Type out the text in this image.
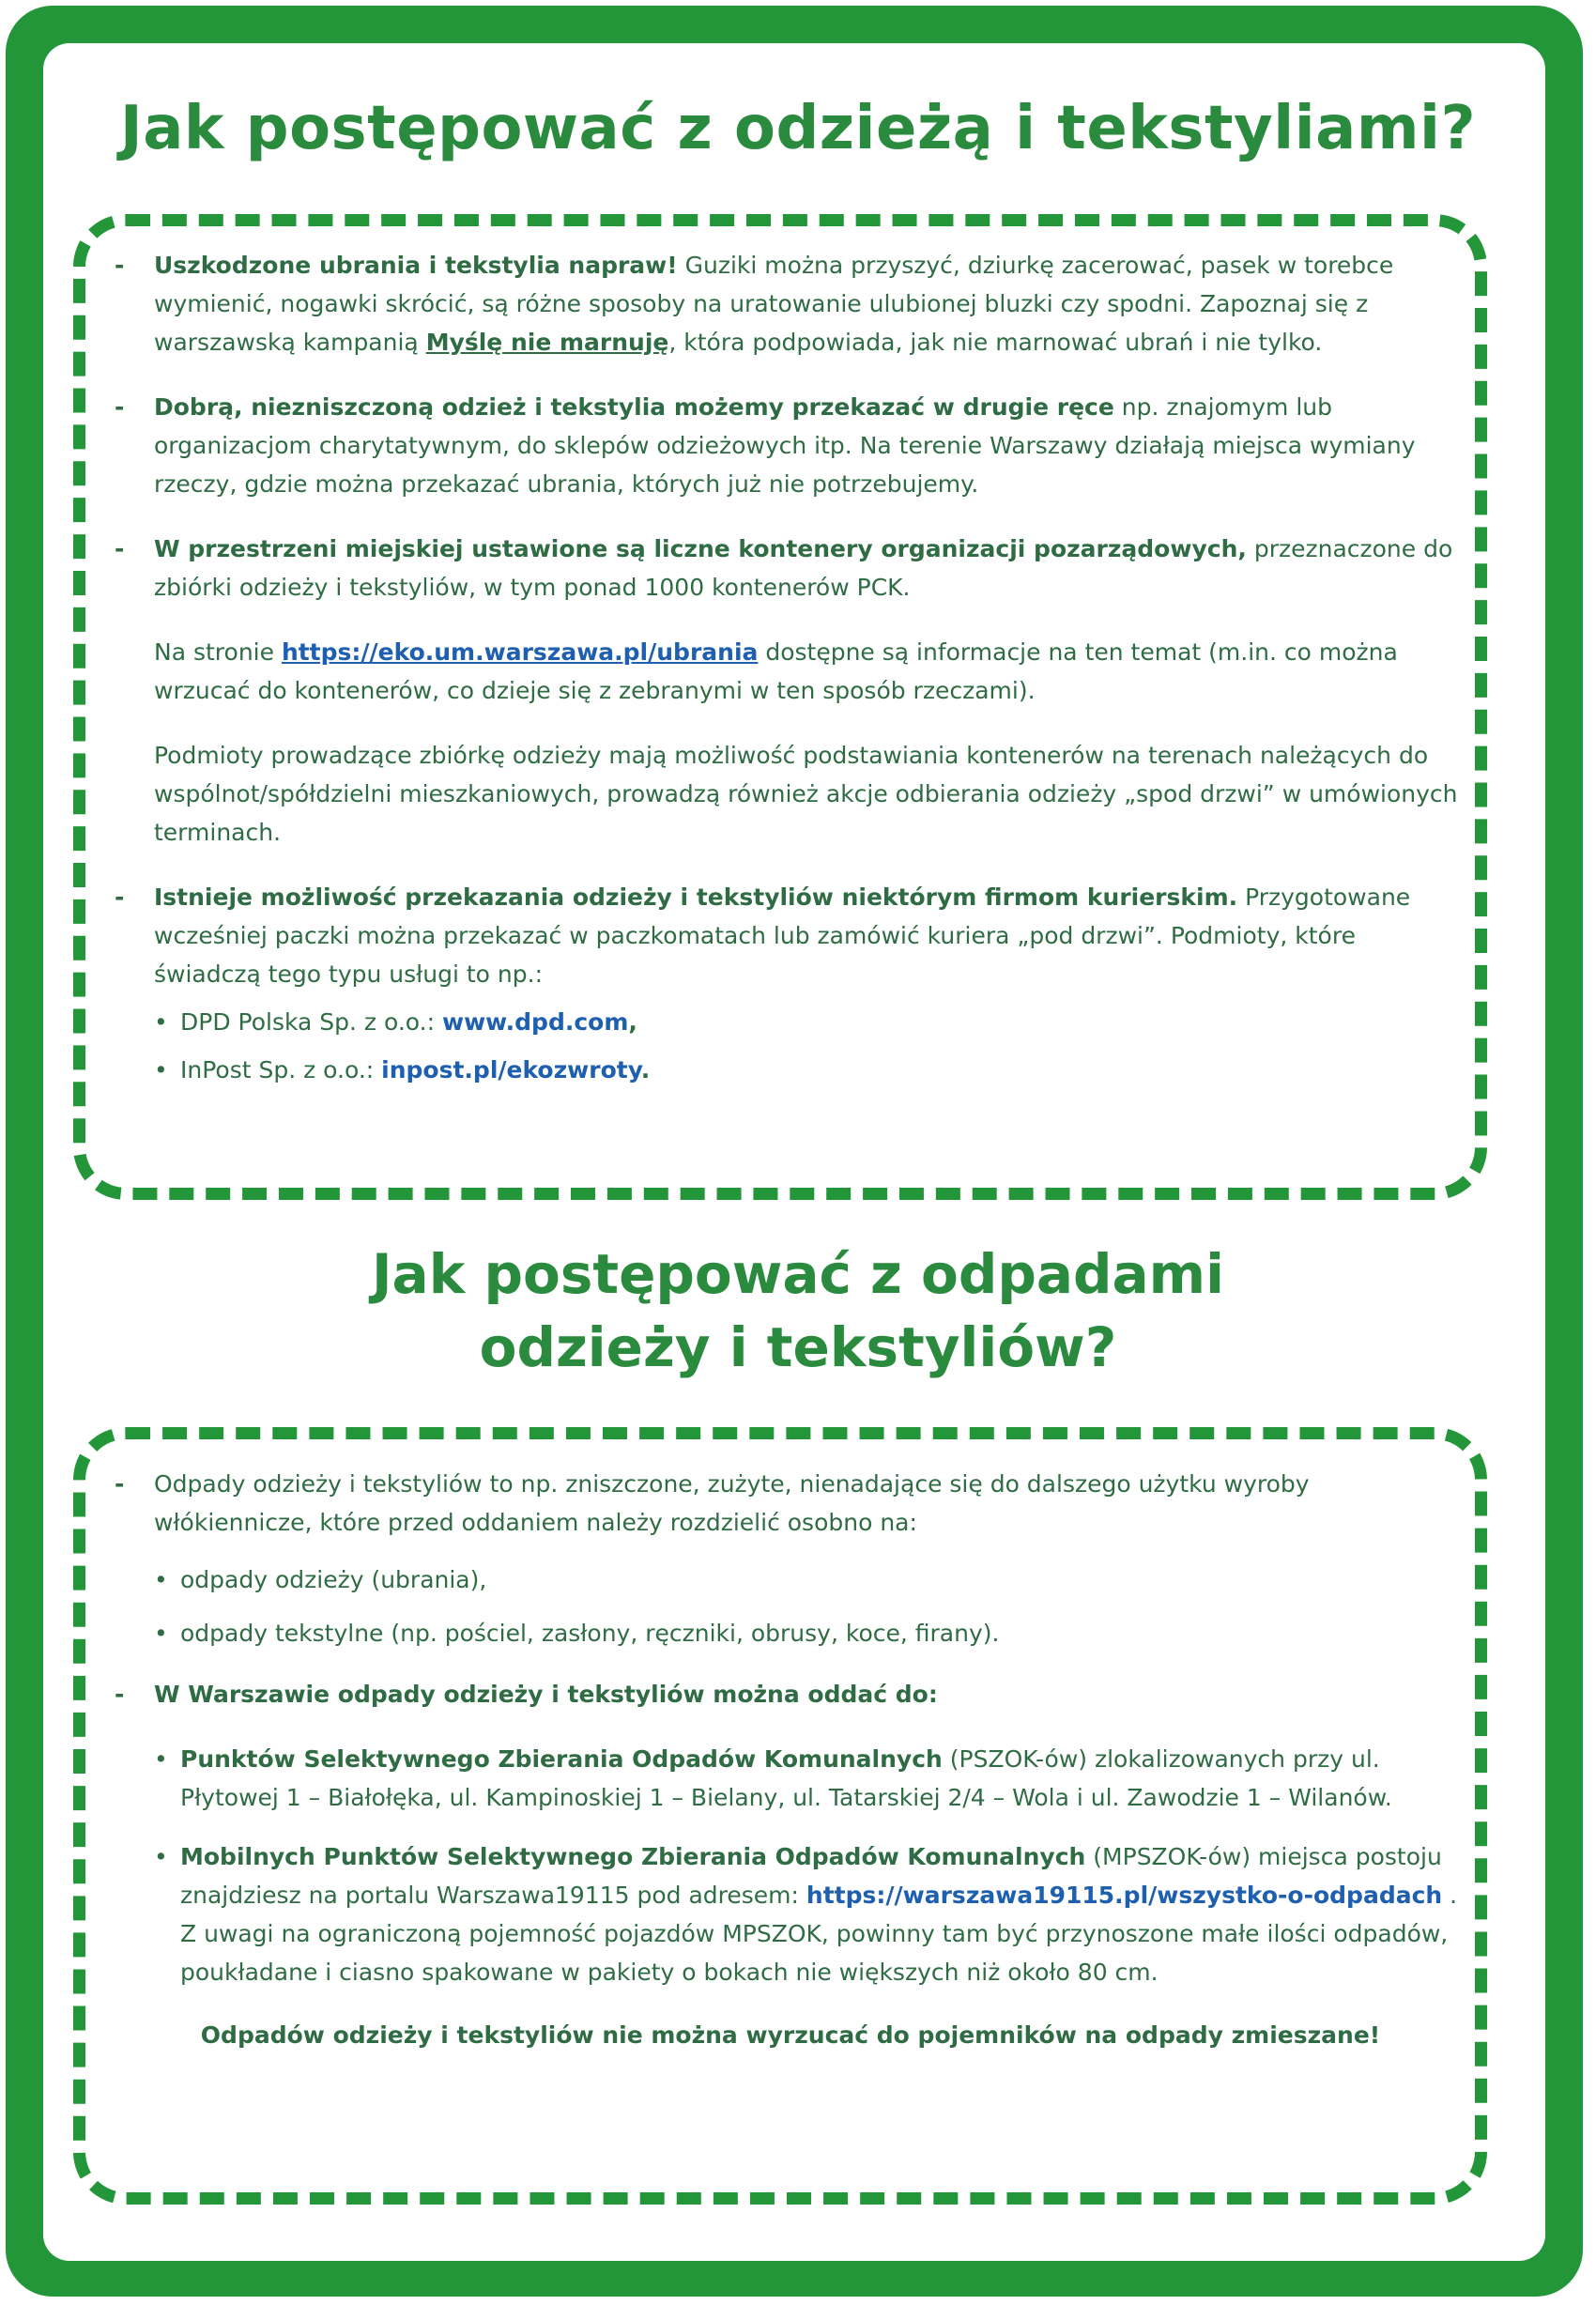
Jak postępować z odzieżą i tekstyliami?
- Uszkodzone ubrania i tekstylia napraw! Guziki można przyszyć, dziurkę zacerować, pasek w torebce wymienić, nogawki skrócić, są różne sposoby na uratowanie ulubionej bluzki czy spodni. Zapoznaj się z warszawską kampanią Myślę nie marnuję, która podpowiada, jak nie marnować ubrań i nie tylko.
- Dobrą, niezniszczoną odzież i tekstylia możemy przekazać w drugie ręce np. znajomym lub organizacjom charytatywnym, do sklepów odzieżowych itp. Na terenie Warszawy działają miejsca wymiany rzeczy, gdzie można przekazać ubrania, których już nie potrzebujemy.
- W przestrzeni miejskiej ustawione są liczne kontenery organizacji pozarządowych, przeznaczone do zbiórki odzieży i tekstyliów, w tym ponad 1000 kontenerów PCK.
Na stronie https://eko.um.warszawa.pl/ubrania dostępne są informacje na ten temat (m.in. co można wrzucać do kontenerów, co dzieje się z zebranymi w ten sposób rzeczami).
Podmioty prowadzące zbiórkę odzieży mają możliwość podstawiania kontenerów na terenach należących do wspólnot/spółdzielni mieszkaniowych, prowadzą również akcje odbierania odzieży „spod drzwi” w umówionych terminach.
- Istnieje możliwość przekazania odzieży i tekstyliów niektórym firmom kurierskim. Przygotowane wcześniej paczki można przekazać w paczkomatach lub zamówić kuriera „pod drzwi”. Podmioty, które świadczą tego typu usługi to np.:
• DPD Polska Sp. z o.o.: www.dpd.com,
• InPost Sp. z o.o.: inpost.pl/ekozwroty.
Jak postępować z odpadami
odzieży i tekstyliów?
- Odpady odzieży i tekstyliów to np. zniszczone, zużyte, nienadające się do dalszego użytku wyroby włókiennicze, które przed oddaniem należy rozdzielić osobno na:
• odpady odzieży (ubrania),
• odpady tekstylne (np. pościel, zasłony, ręczniki, obrusy, koce, firany).
- W Warszawie odpady odzieży i tekstyliów można oddać do:
• Punktów Selektywnego Zbierania Odpadów Komunalnych (PSZOK-ów) zlokalizowanych przy ul. Płytowej 1 – Białołęka, ul. Kampinoskiej 1 – Bielany, ul. Tatarskiej 2/4 – Wola i ul. Zawodzie 1 – Wilanów.
• Mobilnych Punktów Selektywnego Zbierania Odpadów Komunalnych (MPSZOK-ów) miejsca postoju znajdziesz na portalu Warszawa19115 pod adresem: https://warszawa19115.pl/wszystko-o-odpadach . Z uwagi na ograniczoną pojemność pojazdów MPSZOK, powinny tam być przynoszone małe ilości odpadów, poukładane i ciasno spakowane w pakiety o bokach nie większych niż około 80 cm.
Odpadów odzieży i tekstyliów nie można wyrzucać do pojemników na odpady zmieszane!
